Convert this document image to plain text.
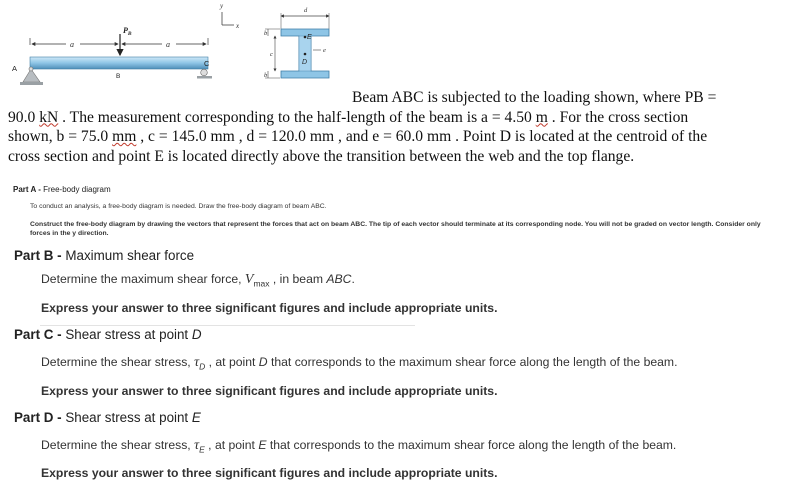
a	a
$P_B$
A
C
B
y
x
d
b
c
b
e
E
D
Beam ABC is subjected to the loading shown, where PB =
90.0 kN . The measurement corresponding to the half-length of the beam is a = 4.50 m . For the cross section
shown, b = 75.0 mm , c = 145.0 mm , d = 120.0 mm , and e = 60.0 mm . Point D is located at the centroid of the
cross section and point E is located directly above the transition between the web and the top flange.
Part A - Free-body diagram
To conduct an analysis, a free-body diagram is needed. Draw the free-body diagram of beam ABC.
Construct the free-body diagram by drawing the vectors that represent the forces that act on beam ABC. The tip of each vector should terminate at its corresponding node. You will not be graded on vector length. Consider only forces in the y direction.
Part B - Maximum shear force
Determine the maximum shear force, $V_{max}$ , in beam ABC.
Express your answer to three significant figures and include appropriate units.
Part C - Shear stress at point D
Determine the shear stress, $\tau_D$ , at point D that corresponds to the maximum shear force along the length of the beam.
Express your answer to three significant figures and include appropriate units.
Part D - Shear stress at point E
Determine the shear stress, $\tau_E$ , at point E that corresponds to the maximum shear force along the length of the beam.
Express your answer to three significant figures and include appropriate units.
